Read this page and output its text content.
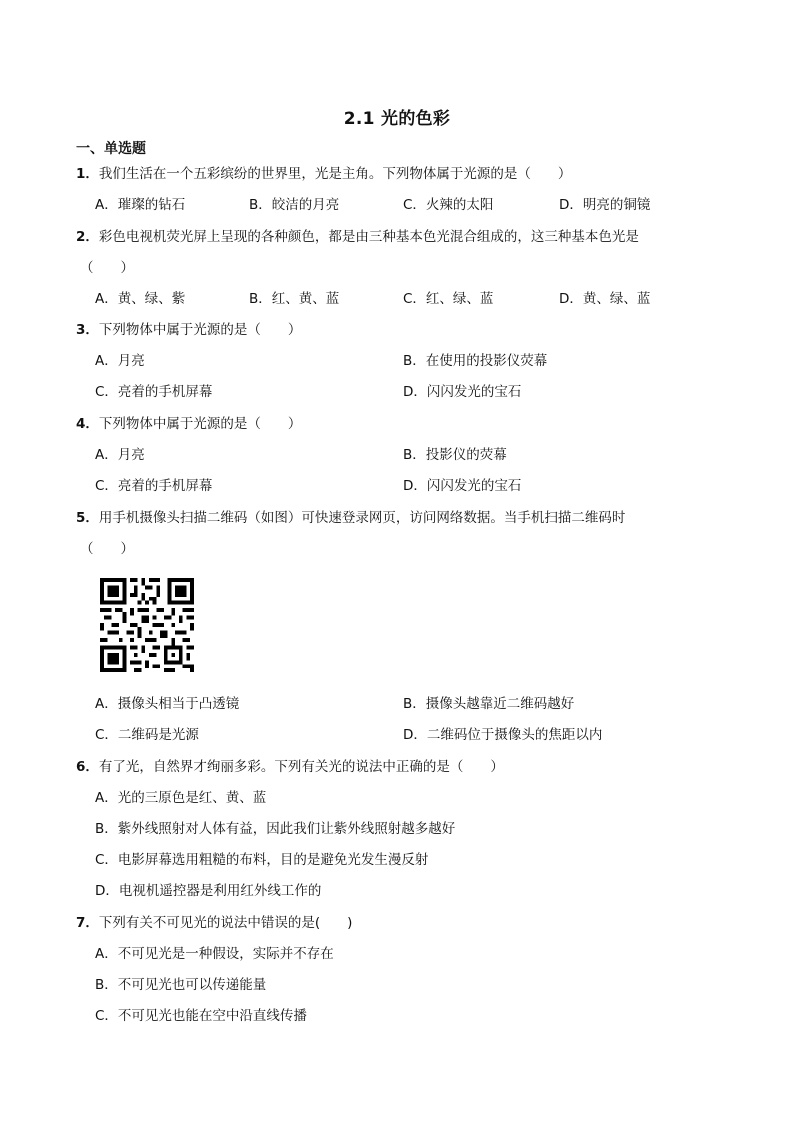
2.1 光的色彩
一、单选题
1．我们生活在一个五彩缤纷的世界里，光是主角。下列物体属于光源的是（　　）
A．璀璨的钻石	B．皎洁的月亮	C．火辣的太阳	D．明亮的铜镜
2．彩色电视机荧光屏上呈现的各种颜色，都是由三种基本色光混合组成的，这三种基本色光是
（　　）
A．黄、绿、紫	B．红、黄、蓝	C．红、绿、蓝	D．黄、绿、蓝
3．下列物体中属于光源的是（　　）
A．月亮	B．在使用的投影仪荧幕
C．亮着的手机屏幕	D．闪闪发光的宝石
4．下列物体中属于光源的是（　　）
A．月亮	B．投影仪的荧幕
C．亮着的手机屏幕	D．闪闪发光的宝石
5．用手机摄像头扫描二维码（如图）可快速登录网页，访问网络数据。当手机扫描二维码时
（　　）
A．摄像头相当于凸透镜	B．摄像头越靠近二维码越好
C．二维码是光源	D．二维码位于摄像头的焦距以内
6．有了光，自然界才绚丽多彩。下列有关光的说法中正确的是（　　）
A．光的三原色是红、黄、蓝
B．紫外线照射对人体有益，因此我们让紫外线照射越多越好
C．电影屏幕选用粗糙的布料，目的是避免光发生漫反射
D．电视机遥控器是利用红外线工作的
7．下列有关不可见光的说法中错误的是(　　)
A．不可见光是一种假设，实际并不存在
B．不可见光也可以传递能量
C．不可见光也能在空中沿直线传播
